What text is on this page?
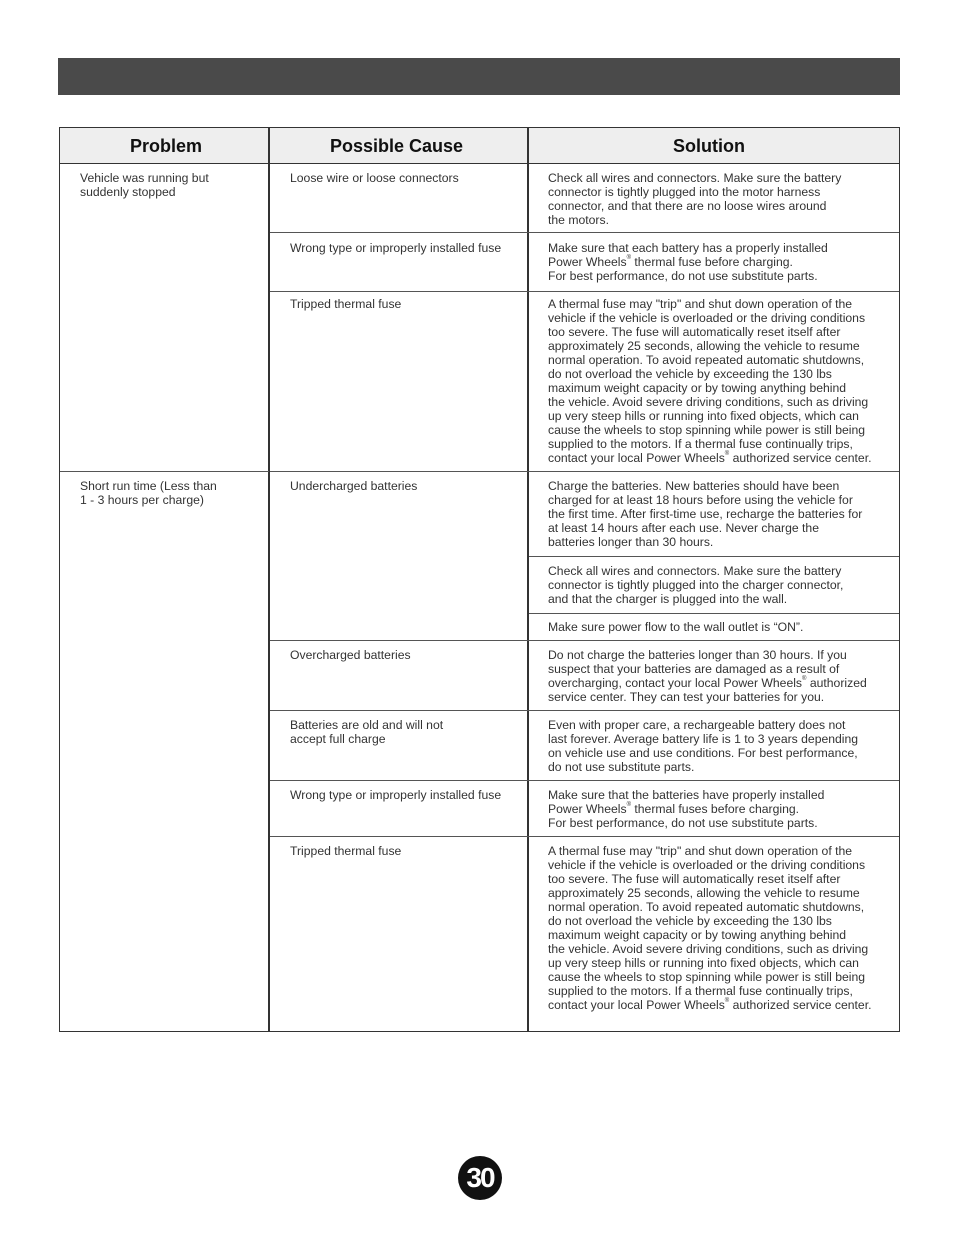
Problem	Possible Cause	Solution
Vehicle was running but
suddenly stopped
Short run time (Less than
1 - 3 hours per charge)
Loose wire or loose connectors
Wrong type or improperly installed fuse
Tripped thermal fuse
Undercharged batteries
Overcharged batteries
Batteries are old and will not
accept full charge
Wrong type or improperly installed fuse
Tripped thermal fuse
Check all wires and connectors. Make sure the battery
connector is tightly plugged into the motor harness
connector, and that there are no loose wires around
the motors.
Make sure that each battery has a properly installed
Power Wheels® thermal fuse before charging.
For best performance, do not use substitute parts.
A thermal fuse may "trip" and shut down operation of the
vehicle if the vehicle is overloaded or the driving conditions
too severe. The fuse will automatically reset itself after
approximately 25 seconds, allowing the vehicle to resume
normal operation. To avoid repeated automatic shutdowns,
do not overload the vehicle by exceeding the 130 lbs
maximum weight capacity or by towing anything behind
the vehicle. Avoid severe driving conditions, such as driving
up very steep hills or running into fixed objects, which can
cause the wheels to stop spinning while power is still being
supplied to the motors. If a thermal fuse continually trips,
contact your local Power Wheels® authorized service center.
Charge the batteries. New batteries should have been
charged for at least 18 hours before using the vehicle for
the first time. After first-time use, recharge the batteries for
at least 14 hours after each use. Never charge the
batteries longer than 30 hours.
Check all wires and connectors. Make sure the battery
connector is tightly plugged into the charger connector,
and that the charger is plugged into the wall.
Make sure power flow to the wall outlet is “ON”.
Do not charge the batteries longer than 30 hours. If you
suspect that your batteries are damaged as a result of
overcharging, contact your local Power Wheels® authorized
service center. They can test your batteries for you.
Even with proper care, a rechargeable battery does not
last forever. Average battery life is 1 to 3 years depending
on vehicle use and use conditions. For best performance,
do not use substitute parts.
Make sure that the batteries have properly installed
Power Wheels® thermal fuses before charging.
For best performance, do not use substitute parts.
A thermal fuse may "trip" and shut down operation of the
vehicle if the vehicle is overloaded or the driving conditions
too severe. The fuse will automatically reset itself after
approximately 25 seconds, allowing the vehicle to resume
normal operation. To avoid repeated automatic shutdowns,
do not overload the vehicle by exceeding the 130 lbs
maximum weight capacity or by towing anything behind
the vehicle. Avoid severe driving conditions, such as driving
up very steep hills or running into fixed objects, which can
cause the wheels to stop spinning while power is still being
supplied to the motors. If a thermal fuse continually trips,
contact your local Power Wheels® authorized service center.
30
